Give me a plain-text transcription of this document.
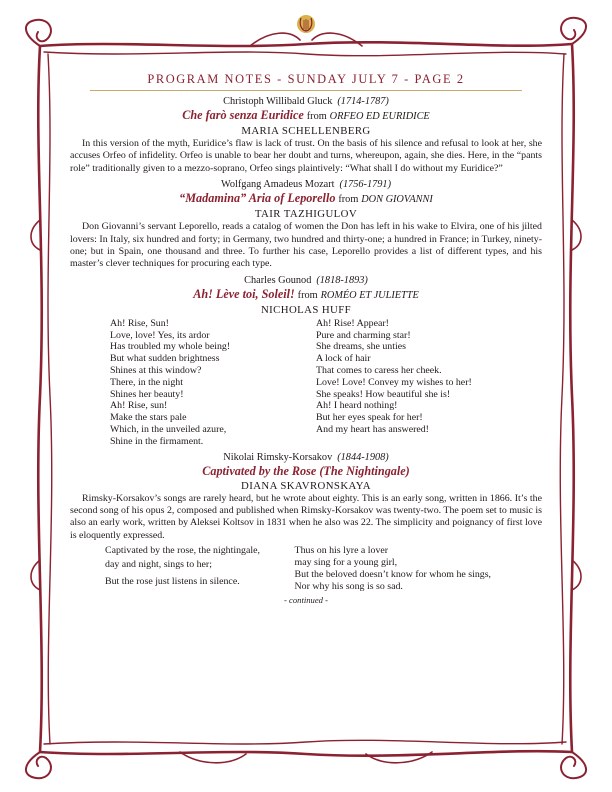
PROGRAM NOTES - SUNDAY JULY 7 - PAGE 2
Christoph Willibald Gluck (1714-1787)
Che farò senza Euridice from ORFEO ED EURIDICE
MARIA SCHELLENBERG

In this version of the myth, Euridice’s flaw is lack of trust. On the basis of his silence and refusal to look at her, she accuses Orfeo of infidelity. Orfeo is unable to bear her doubt and turns, whereupon, again, she dies. Here, in the “pants role” traditionally given to a mezzo-soprano, Orfeo sings plaintively: “What shall I do without my Euridice?”

Wolfgang Amadeus Mozart (1756-1791)
“Madamina” Aria of Leporello from DON GIOVANNI
TAIR TAZHIGULOV

Don Giovanni’s servant Leporello, reads a catalog of women the Don has left in his wake to Elvira, one of his jilted lovers: In Italy, six hundred and forty; in Germany, two hundred and thirty-one; a hundred in France; in Turkey, ninety-one; but in Spain, one thousand and three. To further his case, Leporello provides a list of different types, and his master’s clever techniques for procuring each type.

Charles Gounod (1818-1893)
Ah! Lève toi, Soleil! from ROMÉO ET JULIETTE
NICHOLAS HUFF
Ah! Rise, Sun!
Love, love! Yes, its ardor
Has troubled my whole being!
But what sudden brightness
Shines at this window?
There, in the night
Shines her beauty!
Ah! Rise, sun!
Make the stars pale
Which, in the unveiled azure,
Shine in the firmament.
Ah! Rise! Appear!
Pure and charming star!
She dreams, she unties
A lock of hair
That comes to caress her cheek.
Love! Love! Convey my wishes to her!
She speaks! How beautiful she is!
Ah! I heard nothing!
But her eyes speak for her!
And my heart has answered!
Nikolai Rimsky-Korsakov (1844-1908)
Captivated by the Rose (The Nightingale)
DIANA SKAVRONSKAYA

Rimsky-Korsakov’s songs are rarely heard, but he wrote about eighty. This is an early song, written in 1866. It’s the second song of his opus 2, composed and published when Rimsky-Korsakov was twenty-two. The poem set to music is also an early work, written by Aleksei Koltsov in 1831 when he also was 22. The simplicity and poignancy of first love is eloquently expressed.

Captivated by the rose, the nightingale,
day and night, sings to her;
But the rose just listens in silence.
Thus on his lyre a lover
may sing for a young girl,
But the beloved doesn’t know for whom he sings,
Nor why his song is so sad.
- continued -
